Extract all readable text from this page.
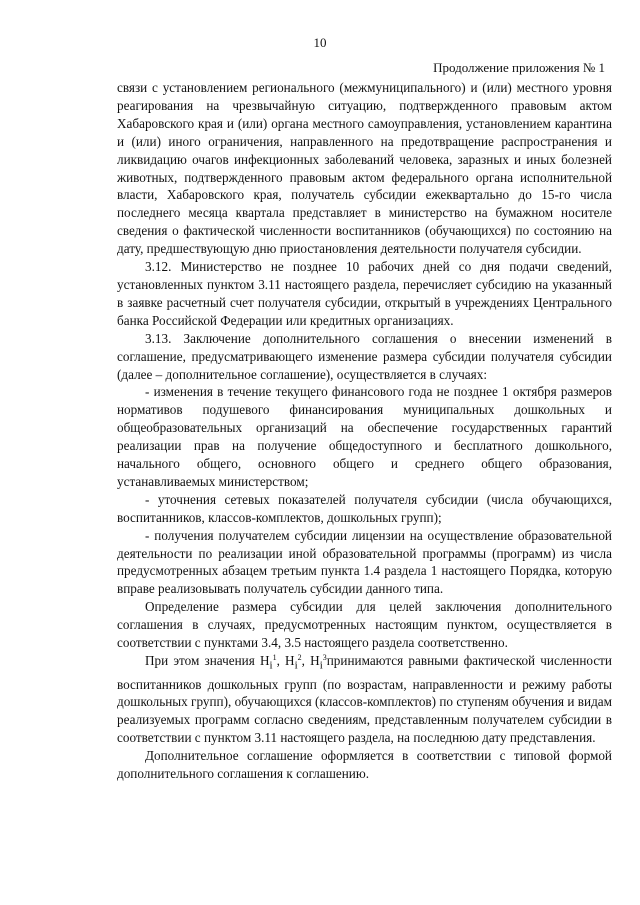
10
Продолжение приложения № 1

связи с установлением регионального (межмуниципального) и (или) местного уровня реагирования на чрезвычайную ситуацию, подтвержденного правовым актом Хабаровского края и (или) органа местного самоуправления, установлением карантина и (или) иного ограничения, направленного на предотвращение распространения и ликвидацию очагов инфекционных заболеваний человека, заразных и иных болезней животных, подтвержденного правовым актом федерального органа исполнительной власти, Хабаровского края, получатель субсидии ежеквартально до 15-го числа последнего месяца квартала представляет в министерство на бумажном носителе сведения о фактической численности воспитанников (обучающихся) по состоянию на дату, предшествующую дню приостановления деятельности получателя субсидии.

3.12. Министерство не позднее 10 рабочих дней со дня подачи сведений, установленных пунктом 3.11 настоящего раздела, перечисляет субсидию на указанный в заявке расчетный счет получателя субсидии, открытый в учреждениях Центрального банка Российской Федерации или кредитных организациях.

3.13. Заключение дополнительного соглашения о внесении изменений в соглашение, предусматривающего изменение размера субсидии получателя субсидии (далее – дополнительное соглашение), осуществляется в случаях:

- изменения в течение текущего финансового года не позднее 1 октября размеров нормативов подушевого финансирования муниципальных дошкольных и общеобразовательных организаций на обеспечение государственных гарантий реализации прав на получение общедоступного и бесплатного дошкольного, начального общего, основного общего и среднего общего образования, устанавливаемых министерством;

- уточнения сетевых показателей получателя субсидии (числа обучающихся, воспитанников, классов-комплектов, дошкольных групп);

- получения получателем субсидии лицензии на осуществление образовательной деятельности по реализации иной образовательной программы (программ) из числа предусмотренных абзацем третьим пункта 1.4 раздела 1 настоящего Порядка, которую вправе реализовывать получатель субсидии данного типа.

Определение размера субсидии для целей заключения дополнительного соглашения в случаях, предусмотренных настоящим пунктом, осуществляется в соответствии с пунктами 3.4, 3.5 настоящего раздела соответственно.

При этом значения $Н_i^1$, $Н_i^2$, $Н_i^3принимаются$ равными фактической численности воспитанников дошкольных групп (по возрастам, направленности и режиму работы дошкольных групп), обучающихся (классов-комплектов) по ступеням обучения и видам реализуемых программ согласно сведениям, представленным получателем субсидии в соответствии с пунктом 3.11 настоящего раздела, на последнюю дату представления.

Дополнительное соглашение оформляется в соответствии с типовой формой дополнительного соглашения к соглашению.
